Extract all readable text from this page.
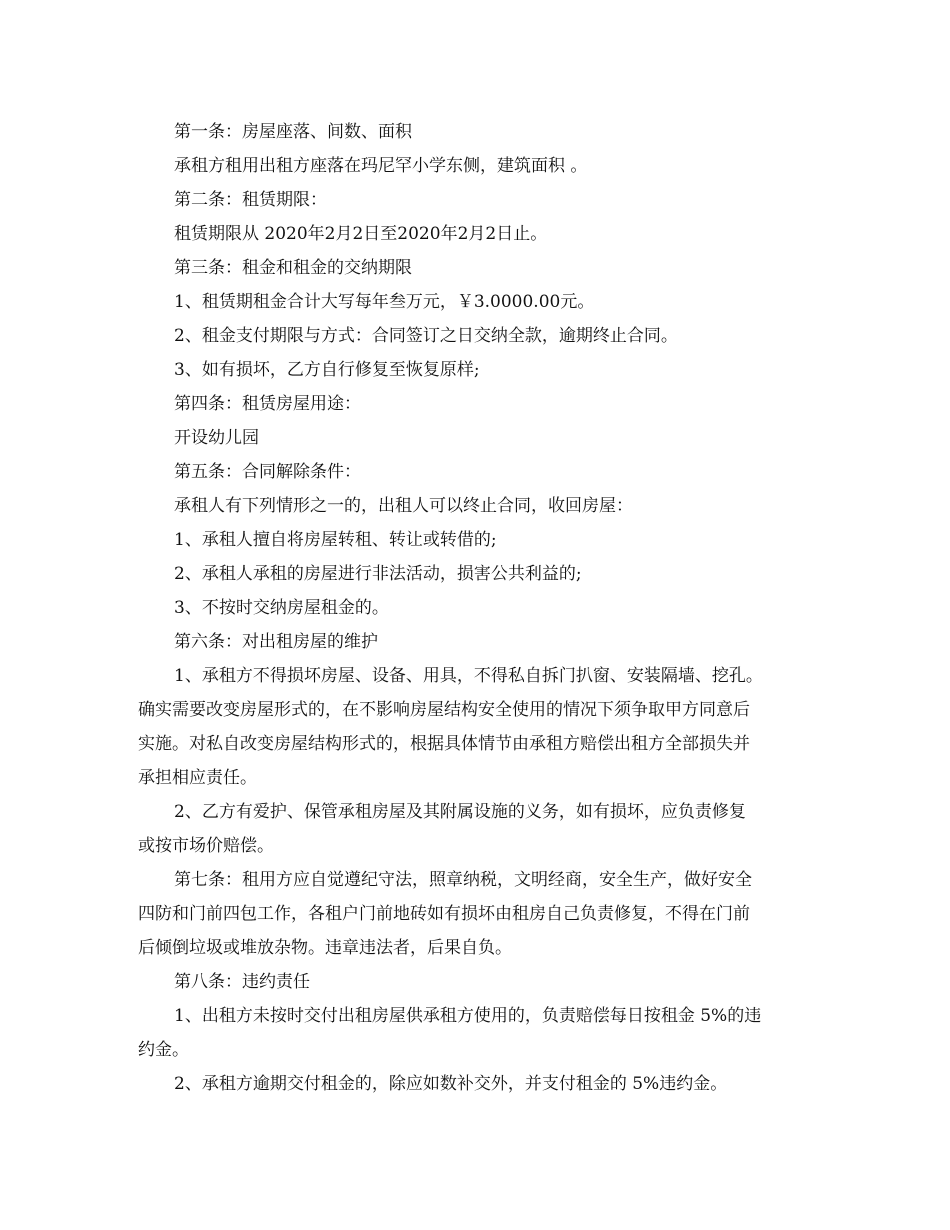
第一条：房屋座落、间数、面积

承租方租用出租方座落在玛尼罕小学东侧，建筑面积 。

第二条：租赁期限：

租赁期限从 2020年2月2日至2020年2月2日止。

第三条：租金和租金的交纳期限

1、租赁期租金合计大写每年叁万元，￥3.0000.00元。

2、租金支付期限与方式：合同签订之日交纳全款，逾期终止合同。

3、如有损坏，乙方自行修复至恢复原样;

第四条：租赁房屋用途：

开设幼儿园

第五条：合同解除条件：

承租人有下列情形之一的，出租人可以终止合同，收回房屋：

1、承租人擅自将房屋转租、转让或转借的;

2、承租人承租的房屋进行非法活动，损害公共利益的;

3、不按时交纳房屋租金的。

第六条：对出租房屋的维护

1、承租方不得损坏房屋、设备、用具，不得私自拆门扒窗、安装隔墙、挖孔。

确实需要改变房屋形式的，在不影响房屋结构安全使用的情况下须争取甲方同意后

实施。对私自改变房屋结构形式的，根据具体情节由承租方赔偿出租方全部损失并

承担相应责任。

2、乙方有爱护、保管承租房屋及其附属设施的义务，如有损坏，应负责修复

或按市场价赔偿。

第七条：租用方应自觉遵纪守法，照章纳税，文明经商，安全生产，做好安全

四防和门前四包工作，各租户门前地砖如有损坏由租房自己负责修复，不得在门前

后倾倒垃圾或堆放杂物。违章违法者，后果自负。

第八条：违约责任

1、出租方未按时交付出租房屋供承租方使用的，负责赔偿每日按租金 5%的违

约金。

2、承租方逾期交付租金的，除应如数补交外，并支付租金的 5%违约金。
